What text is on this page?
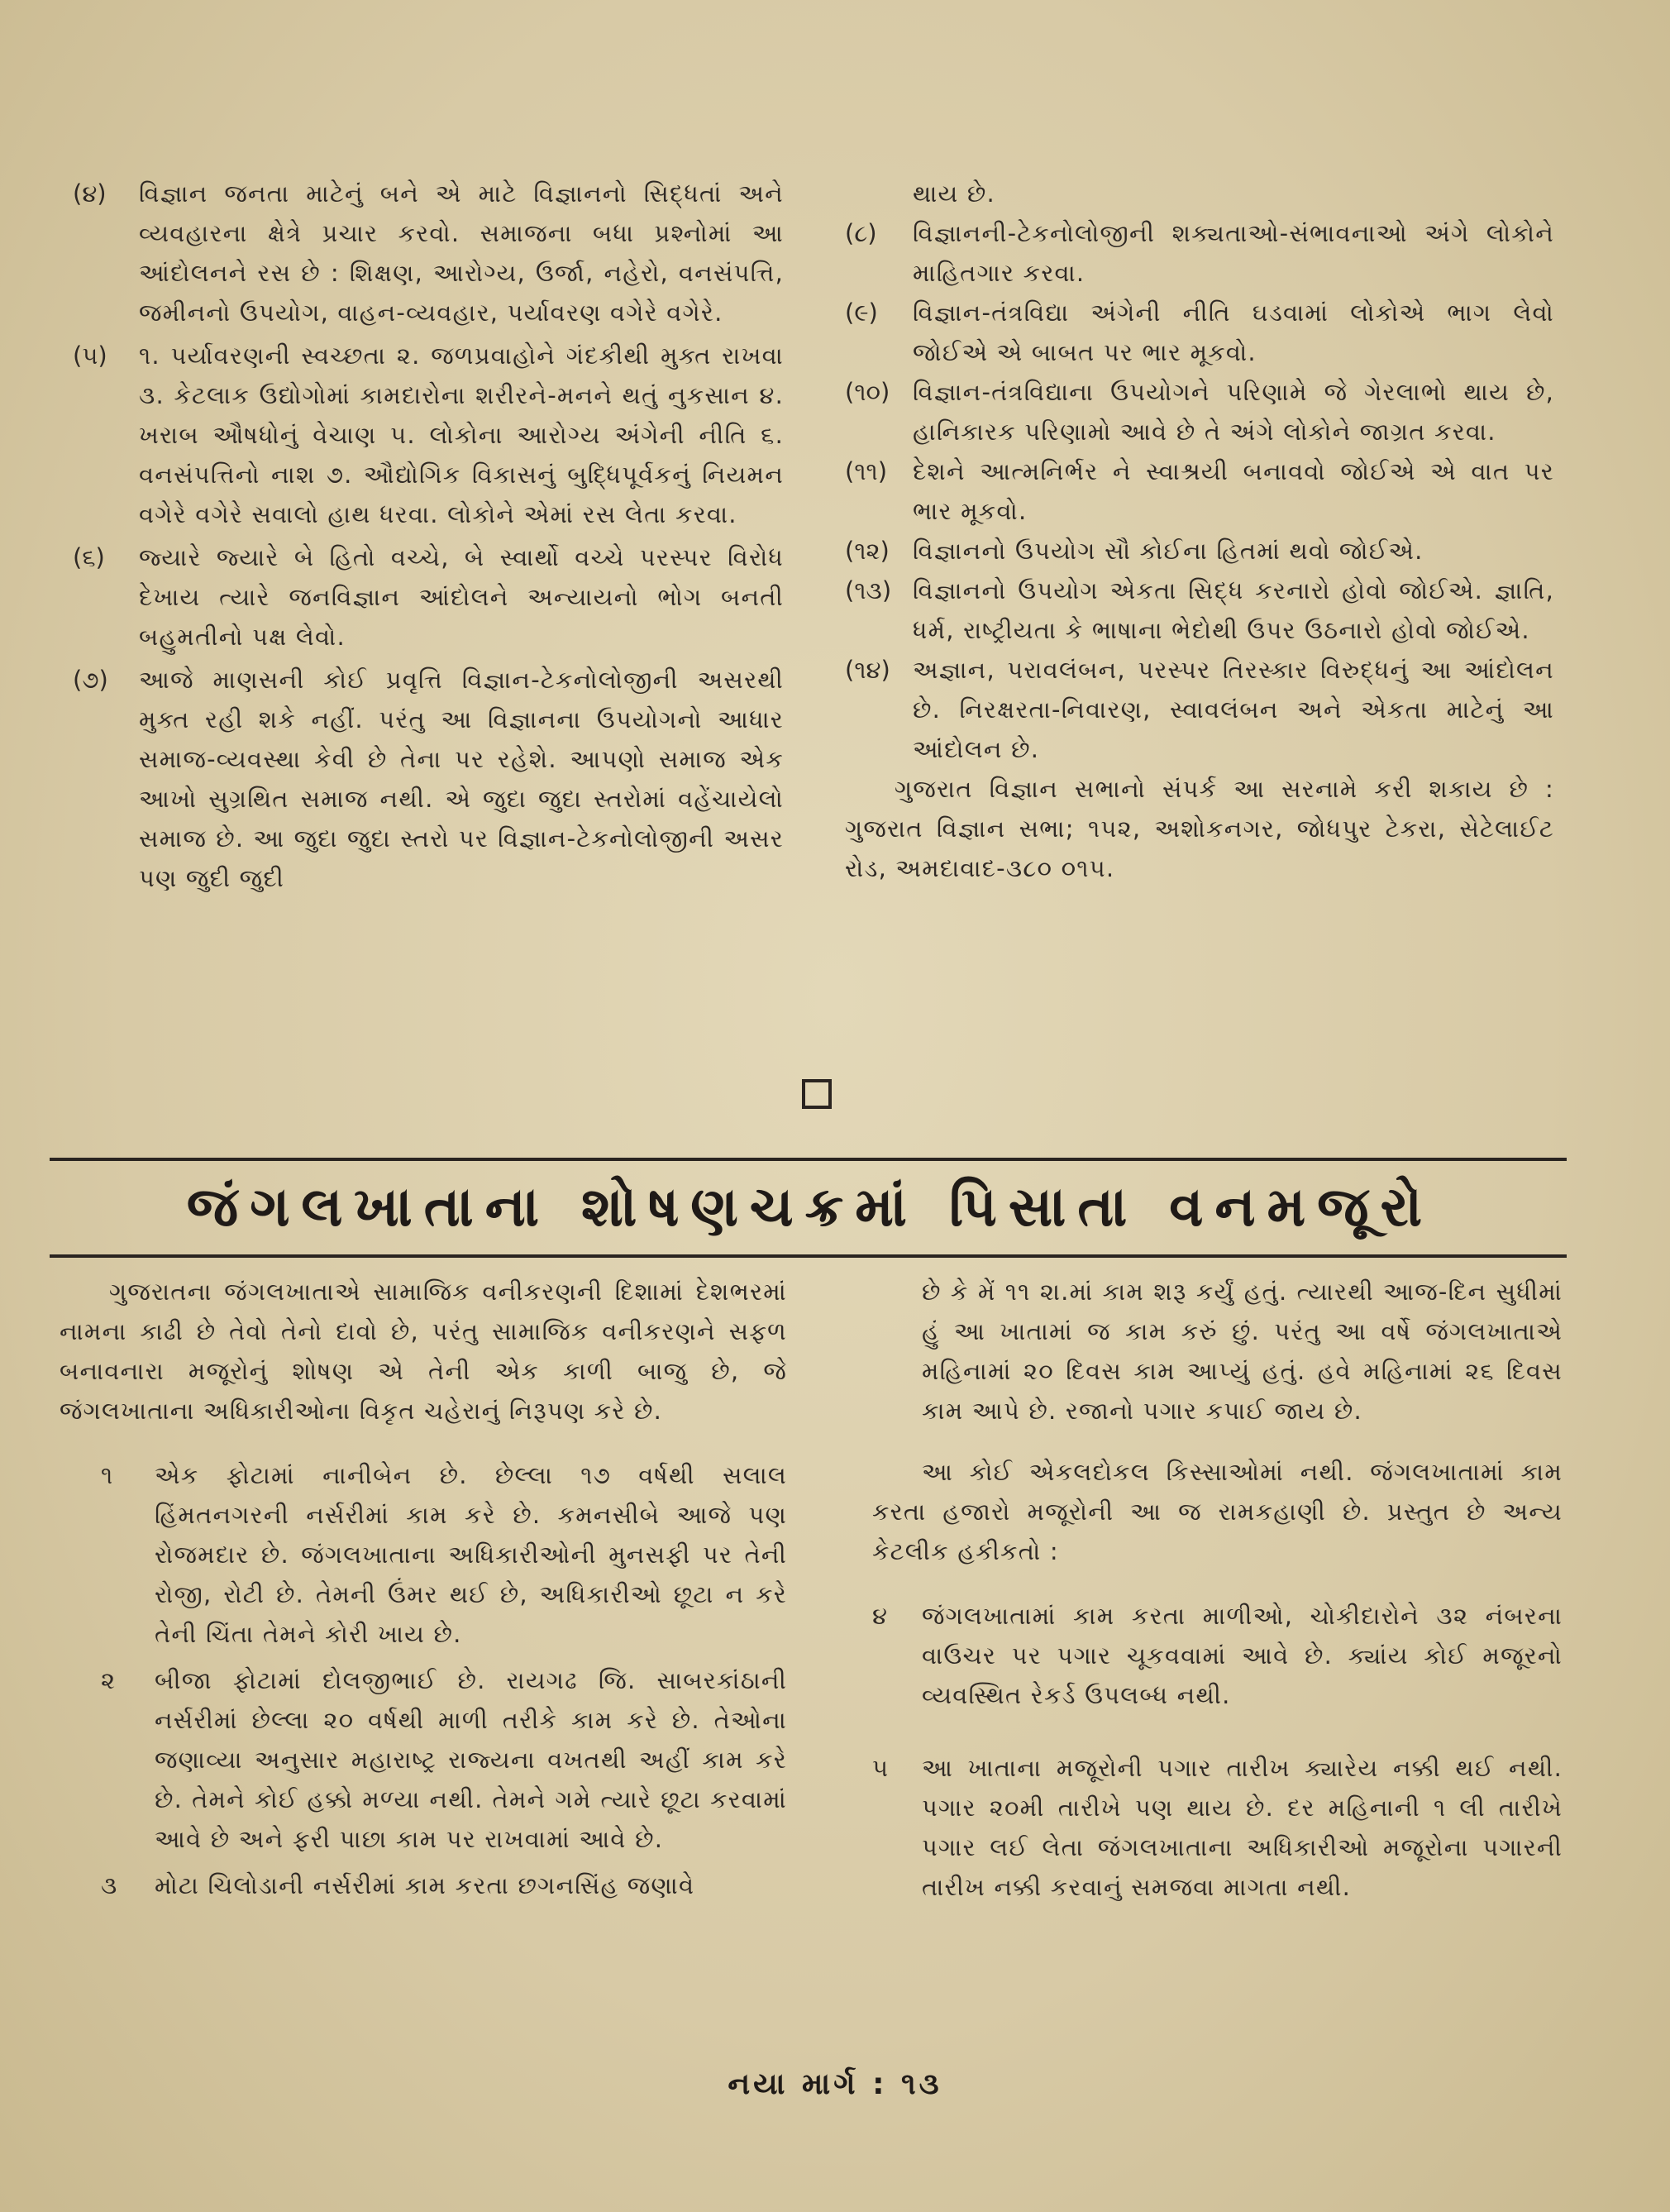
(૪) વિજ્ઞાન જનતા માટેનું બને એ માટે વિજ્ઞાનનો સિદ્ધતાં અને વ્યવહારના ક્ષેત્રે પ્રચાર કરવો. સમાજના બધા પ્રશ્નોમાં આ આંદોલનને રસ છે : શિક્ષણ, આરોગ્ય, ઉર્જા, નહેરો, વનસંપત્તિ, જમીનનો ઉપયોગ, વાહન-વ્યવહાર, પર્યાવરણ વગેરે વગેરે.
(૫) ૧. પર્યાવરણની સ્વચ્છતા ૨. જળપ્રવાહોને ગંદકીથી મુક્ત રાખવા ૩. કેટલાક ઉદ્યોગોમાં કામદારોના શરીરને-મનને થતું નુકસાન ૪. ખરાબ ઔષધોનું વેચાણ ૫. લોકોના આરોગ્ય અંગેની નીતિ ૬. વનસંપત્તિનો નાશ ૭. ઔદ્યોગિક વિકાસનું બુદ્ધિપૂર્વકનું નિયમન વગેરે વગેરે સવાલો હાથ ધરવા. લોકોને એમાં રસ લેતા કરવા.
(૬) જ્યારે જ્યારે બે હિતો વચ્ચે, બે સ્વાર્થો વચ્ચે પરસ્પર વિરોધ દેખાય ત્યારે જનવિજ્ઞાન આંદોલને અન્યાયનો ભોગ બનતી બહુમતીનો પક્ષ લેવો.
(૭) આજે માણસની કોઈ પ્રવૃત્તિ વિજ્ઞાન-ટેકનોલોજીની અસરથી મુક્ત રહી શકે નહીં. પરંતુ આ વિજ્ઞાનના ઉપયોગનો આધાર સમાજ-વ્યવસ્થા કેવી છે તેના પર રહેશે. આપણો સમાજ એક આખો સુગ્રથિત સમાજ નથી. એ જુદા જુદા સ્તરોમાં વહેંચાયેલો સમાજ છે. આ જુદા જુદા સ્તરો પર વિજ્ઞાન-ટેકનોલોજીની અસર પણ જુદી જુદી
થાય છે.
(૮) વિજ્ઞાનની-ટેકનોલોજીની શક્યતાઓ-સંભાવનાઓ અંગે લોકોને માહિતગાર કરવા.
(૯) વિજ્ઞાન-તંત્રવિદ્યા અંગેની નીતિ ઘડવામાં લોકોએ ભાગ લેવો જોઈએ એ બાબત પર ભાર મૂકવો.
(૧૦) વિજ્ઞાન-તંત્રવિદ્યાના ઉપયોગને પરિણામે જે ગેરલાભો થાય છે, હાનિકારક પરિણામો આવે છે તે અંગે લોકોને જાગ્રત કરવા.
(૧૧) દેશને આત્મનિર્ભર ને સ્વાશ્રયી બનાવવો જોઈએ એ વાત પર ભાર મૂકવો.
(૧૨) વિજ્ઞાનનો ઉપયોગ સૌ કોઈના હિતમાં થવો જોઈએ.
(૧૩) વિજ્ઞાનનો ઉપયોગ એકતા સિદ્ધ કરનારો હોવો જોઈએ. જ્ઞાતિ, ધર્મ, રાષ્ટ્રીયતા કે ભાષાના ભેદોથી ઉપર ઉઠનારો હોવો જોઈએ.
(૧૪) અજ્ઞાન, પરાવલંબન, પરસ્પર તિરસ્કાર વિરુદ્ધનું આ આંદોલન છે. નિરક્ષરતા-નિવારણ, સ્વાવલંબન અને એકતા માટેનું આ આંદોલન છે.
ગુજરાત વિજ્ઞાન સભાનો સંપર્ક આ સરનામે કરી શકાય છે : ગુજરાત વિજ્ઞાન સભા; ૧૫૨, અશોકનગર, જોધપુર ટેકરા, સેટેલાઈટ રોડ, અમદાવાદ-૩૮૦ ૦૧૫.
જંગલખાતાના શોષણચક્રમાં પિસાતા વનમજૂરો
ગુજરાતના જંગલખાતાએ સામાજિક વનીકરણની દિશામાં દેશભરમાં નામના કાઢી છે તેવો તેનો દાવો છે, પરંતુ સામાજિક વનીકરણને સફળ બનાવનારા મજૂરોનું શોષણ એ તેની એક કાળી બાજુ છે, જે જંગલખાતાના અધિકારીઓના વિકૃત ચહેરાનું નિરૂપણ કરે છે.
૧ એક ફોટામાં નાનીબેન છે. છેલ્લા ૧૭ વર્ષથી સલાલ હિંમતનગરની નર્સરીમાં કામ કરે છે. કમનસીબે આજે પણ રોજમદાર છે. જંગલખાતાના અધિકારીઓની મુનસફી પર તેની રોજી, રોટી છે. તેમની ઉંમર થઈ છે, અધિકારીઓ છૂટા ન કરે તેની ચિંતા તેમને કોરી ખાય છે.
૨ બીજા ફોટામાં દોલજીભાઈ છે. રાયગઢ જિ. સાબરકાંઠાની નર્સરીમાં છેલ્લા ૨૦ વર્ષથી માળી તરીકે કામ કરે છે. તેઓના જણાવ્યા અનુસાર મહારાષ્ટ્ર રાજ્યના વખતથી અહીં કામ કરે છે. તેમને કોઈ હક્કો મળ્યા નથી. તેમને ગમે ત્યારે છૂટા કરવામાં આવે છે અને ફરી પાછા કામ પર રાખવામાં આવે છે.
૩ મોટા ચિલોડાની નર્સરીમાં કામ કરતા છગનસિંહ જણાવે
છે કે મેં ૧૧ ૨ા.માં કામ શરૂ કર્યું હતું. ત્યારથી આજ-દિન સુધીમાં હું આ ખાતામાં જ કામ કરું છું. પરંતુ આ વર્ષે જંગલખાતાએ મહિનામાં ૨૦ દિવસ કામ આપ્યું હતું. હવે મહિનામાં ૨૬ દિવસ કામ આપે છે. રજાનો પગાર કપાઈ જાય છે.
આ કોઈ એકલદોકલ કિસ્સાઓમાં નથી. જંગલખાતામાં કામ કરતા હજારો મજૂરોની આ જ રામકહાણી છે. પ્રસ્તુત છે અન્ય કેટલીક હકીકતો :
૪ જંગલખાતામાં કામ કરતા માળીઓ, ચોકીદારોને ૩૨ નંબરના વાઉચર પર પગાર ચૂકવવામાં આવે છે. ક્યાંય કોઈ મજૂરનો વ્યવસ્થિત રેકર્ડ ઉપલબ્ધ નથી.
૫ આ ખાતાના મજૂરોની પગાર તારીખ ક્યારેય નક્કી થઈ નથી. પગાર ૨૦મી તારીખે પણ થાય છે. દર મહિનાની ૧ લી તારીખે પગાર લઈ લેતા જંગલખાતાના અધિકારીઓ મજૂરોના પગારની તારીખ નક્કી કરવાનું સમજવા માગતા નથી.
નયા માર્ગ : ૧૩
